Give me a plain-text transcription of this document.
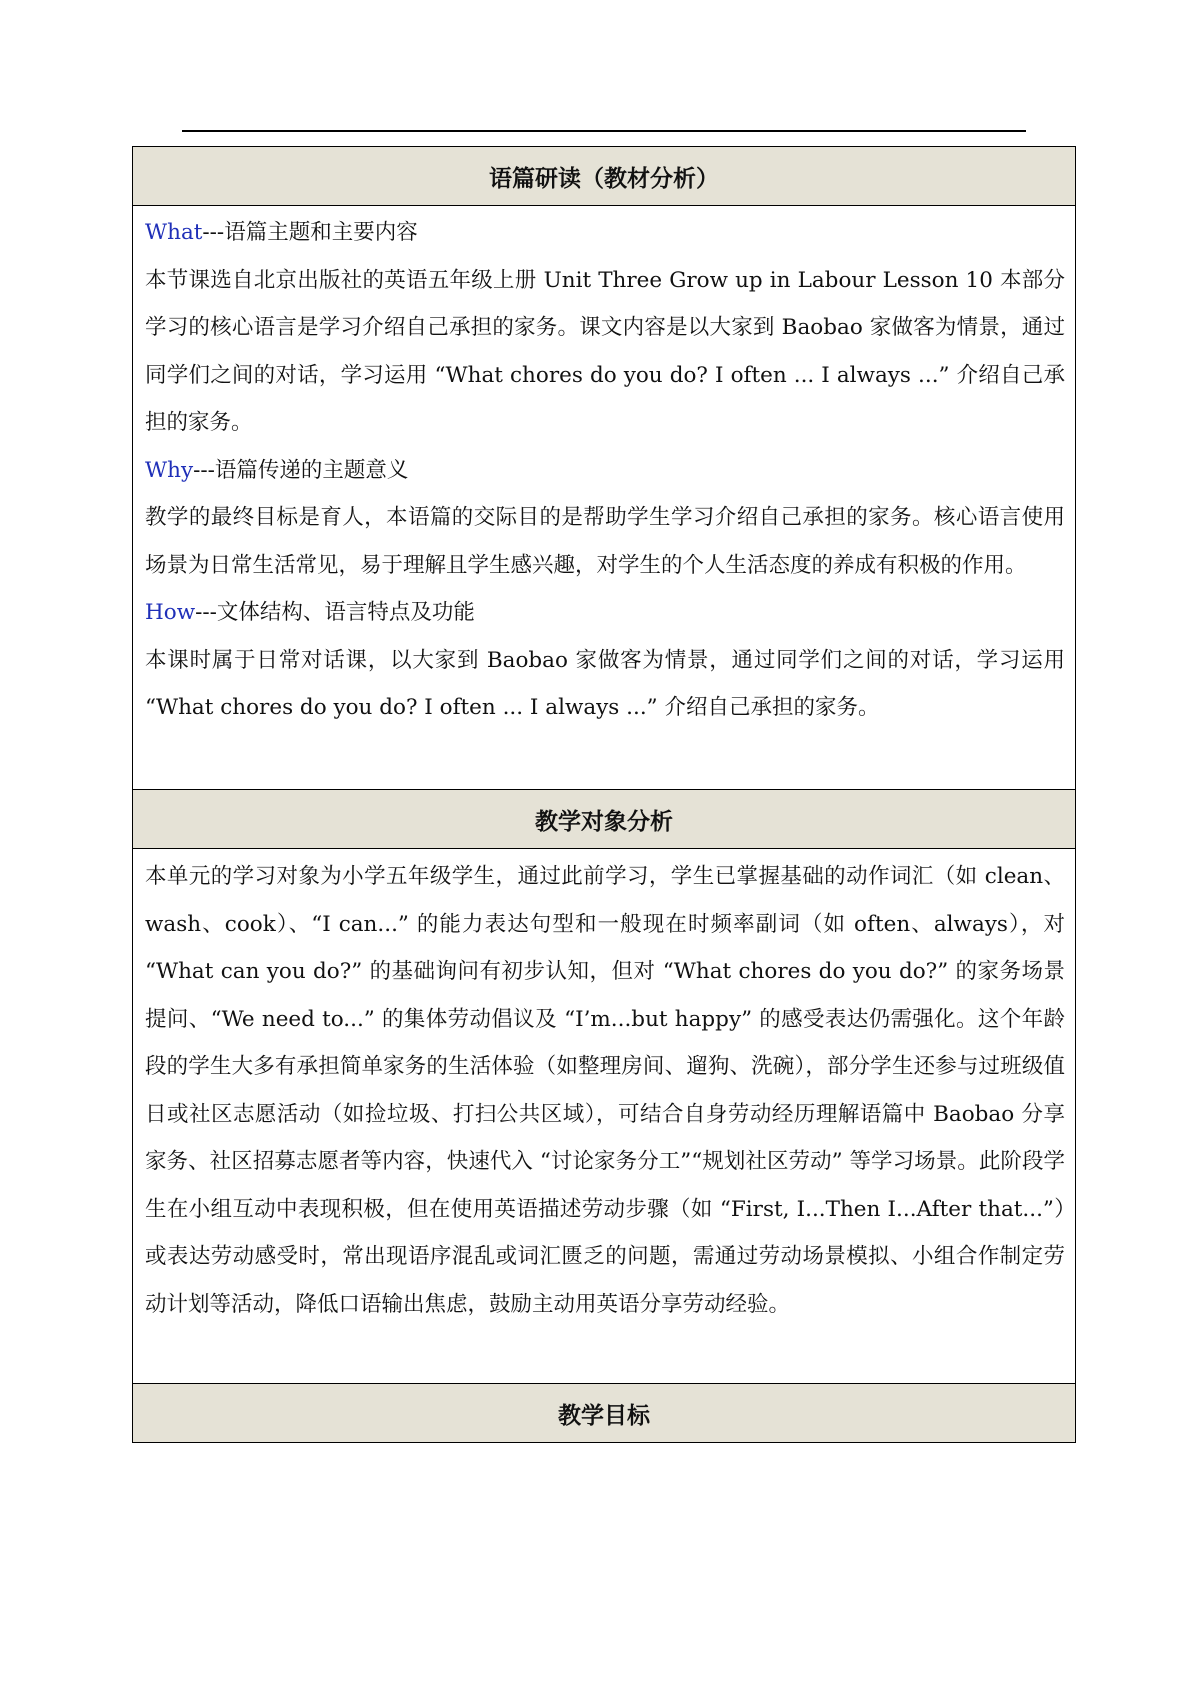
语篇研读（教材分析）

What---语篇主题和主要内容

本节课选自北京出版社的英语五年级上册 Unit Three Grow up in Labour Lesson 10 本部分学习的核心语言是学习介绍自己承担的家务。课文内容是以大家到 Baobao 家做客为情景，通过同学们之间的对话，学习运用 “What chores do you do? I often ... I always ...” 介绍自己承担的家务。

Why---语篇传递的主题意义

教学的最终目标是育人，本语篇的交际目的是帮助学生学习介绍自己承担的家务。核心语言使用场景为日常生活常见，易于理解且学生感兴趣，对学生的个人生活态度的养成有积极的作用。

How---文体结构、语言特点及功能

本课时属于日常对话课，以大家到 Baobao 家做客为情景，通过同学们之间的对话，学习运用 “What chores do you do? I often ... I always ...” 介绍自己承担的家务。

教学对象分析

本单元的学习对象为小学五年级学生，通过此前学习，学生已掌握基础的动作词汇（如 clean、wash、cook）、“I can...” 的能力表达句型和一般现在时频率副词（如 often、always），对 “What can you do?” 的基础询问有初步认知，但对 “What chores do you do?” 的家务场景提问、“We need to...” 的集体劳动倡议及 “I’m...but happy” 的感受表达仍需强化。这个年龄段的学生大多有承担简单家务的生活体验（如整理房间、遛狗、洗碗），部分学生还参与过班级值日或社区志愿活动（如捡垃圾、打扫公共区域），可结合自身劳动经历理解语篇中 Baobao 分享家务、社区招募志愿者等内容，快速代入 “讨论家务分工”“规划社区劳动” 等学习场景。此阶段学生在小组互动中表现积极，但在使用英语描述劳动步骤（如 “First, I...Then I...After that...”）或表达劳动感受时，常出现语序混乱或词汇匮乏的问题，需通过劳动场景模拟、小组合作制定劳动计划等活动，降低口语输出焦虑，鼓励主动用英语分享劳动经验。

教学目标
